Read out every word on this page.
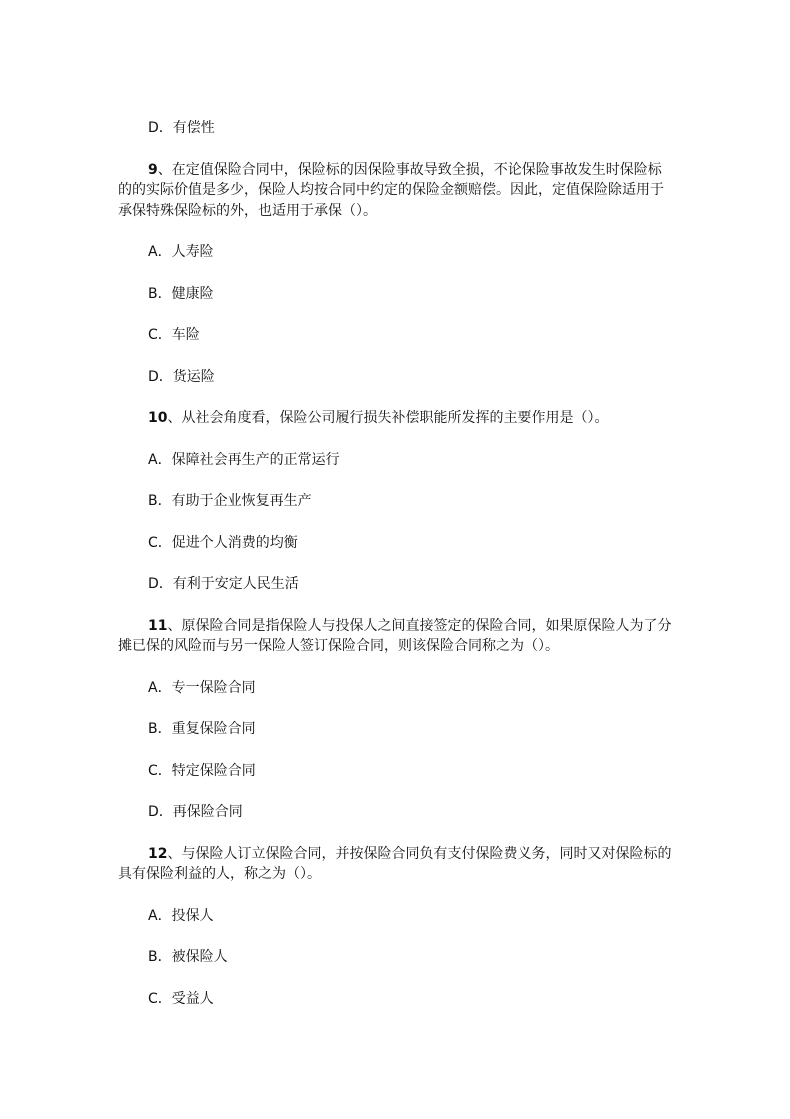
D．有偿性
9、在定值保险合同中，保险标的因保险事故导致全损，不论保险事故发生时保险标
的的实际价值是多少，保险人均按合同中约定的保险金额赔偿。因此，定值保险除适用于
承保特殊保险标的外，也适用于承保（）。
A．人寿险
B．健康险
C．车险
D．货运险
10、从社会角度看，保险公司履行损失补偿职能所发挥的主要作用是（）。
A．保障社会再生产的正常运行
B．有助于企业恢复再生产
C．促进个人消费的均衡
D．有利于安定人民生活
11、原保险合同是指保险人与投保人之间直接签定的保险合同，如果原保险人为了分
摊已保的风险而与另一保险人签订保险合同，则该保险合同称之为（）。
A．专一保险合同
B．重复保险合同
C．特定保险合同
D．再保险合同
12、与保险人订立保险合同，并按保险合同负有支付保险费义务，同时又对保险标的
具有保险利益的人，称之为（）。
A．投保人
B．被保险人
C．受益人
